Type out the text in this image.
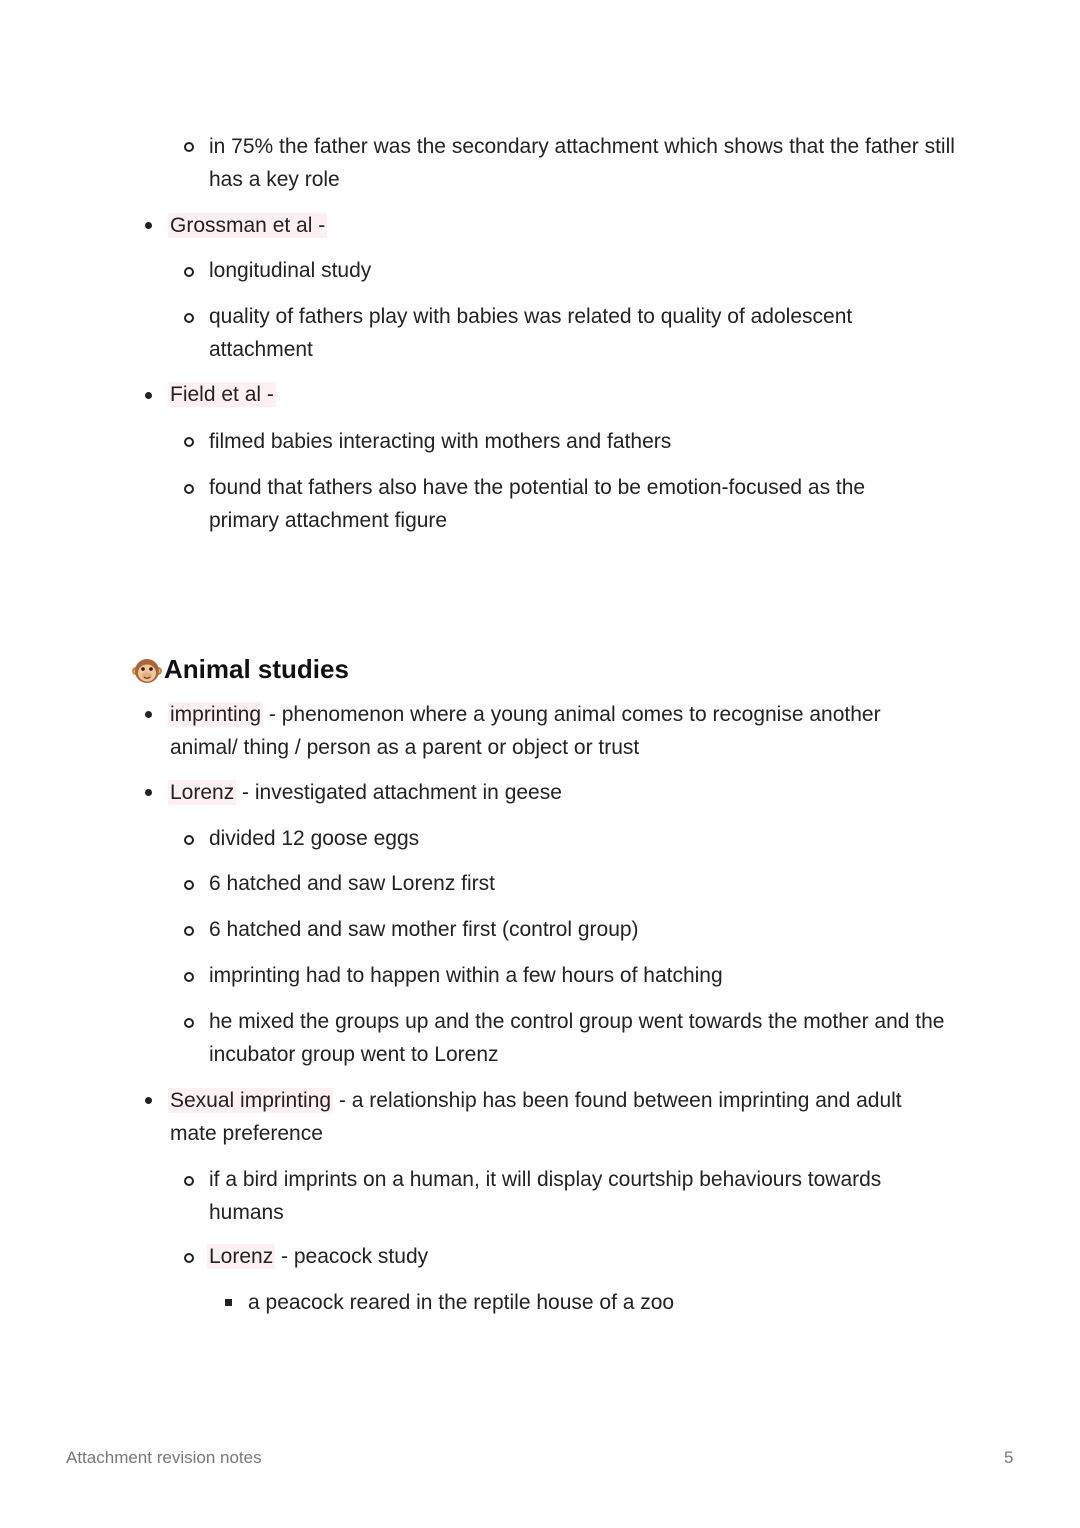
in 75% the father was the secondary attachment which shows that the father still has a key role
Grossman et al -
longitudinal study
quality of fathers play with babies was related to quality of adolescent attachment
Field et al -
filmed babies interacting with mothers and fathers
found that fathers also have the potential to be emotion-focused as the primary attachment figure
Animal studies
imprinting - phenomenon where a young animal comes to recognise another animal/ thing / person as a parent or object or trust
Lorenz - investigated attachment in geese
divided 12 goose eggs
6 hatched and saw Lorenz first
6 hatched and saw mother first (control group)
imprinting had to happen within a few hours of hatching
he mixed the groups up and the control group went towards the mother and the incubator group went to Lorenz
Sexual imprinting - a relationship has been found between imprinting and adult mate preference
if a bird imprints on a human, it will display courtship behaviours towards humans
Lorenz - peacock study
a peacock reared in the reptile house of a zoo
Attachment revision notes	5
